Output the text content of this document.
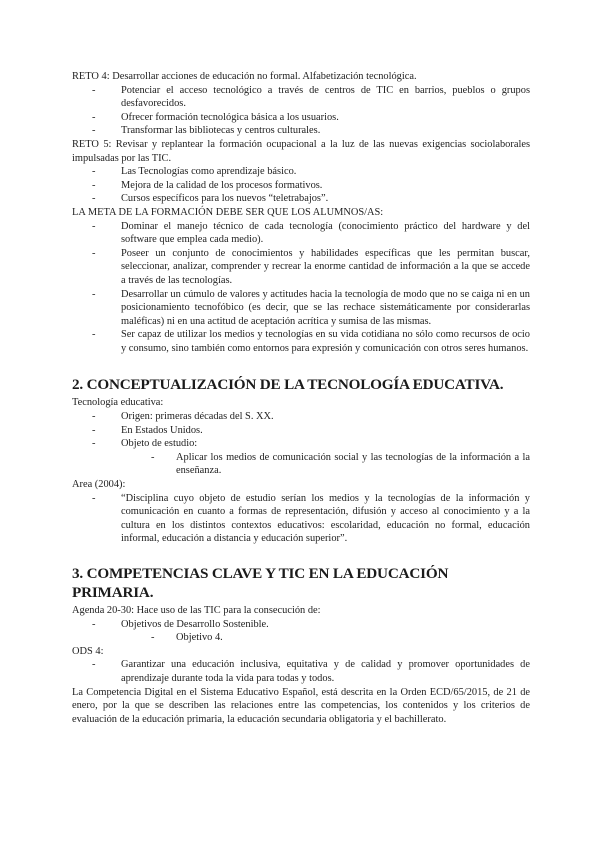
RETO 4: Desarrollar acciones de educación no formal. Alfabetización tecnológica.

- Potenciar el acceso tecnológico a través de centros de TIC en barrios, pueblos o grupos desfavorecidos.
- Ofrecer formación tecnológica básica a los usuarios.
- Transformar las bibliotecas y centros culturales.

RETO 5: Revisar y replantear la formación ocupacional a la luz de las nuevas exigencias sociolaborales impulsadas por las TIC.

- Las Tecnologías como aprendizaje básico.
- Mejora de la calidad de los procesos formativos.
- Cursos específicos para los nuevos “teletrabajos”.

LA META DE LA FORMACIÓN DEBE SER QUE LOS ALUMNOS/AS:

- Dominar el manejo técnico de cada tecnología (conocimiento práctico del hardware y del software que emplea cada medio).
- Poseer un conjunto de conocimientos y habilidades específicas que les permitan buscar, seleccionar, analizar, comprender y recrear la enorme cantidad de información a la que se accede a través de las tecnologías.
- Desarrollar un cúmulo de valores y actitudes hacia la tecnología de modo que no se caiga ni en un posicionamiento tecnofóbico (es decir, que se las rechace sistemáticamente por considerarlas maléficas) ni en una actitud de aceptación acrítica y sumisa de las mismas.
- Ser capaz de utilizar los medios y tecnologías en su vida cotidiana no sólo como recursos de ocio y consumo, sino también como entornos para expresión y comunicación con otros seres humanos.
2. CONCEPTUALIZACIÓN DE LA TECNOLOGÍA EDUCATIVA.

Tecnología educativa:

- Origen: primeras décadas del S. XX.
- En Estados Unidos.
- Objeto de estudio:
- Aplicar los medios de comunicación social y las tecnologías de la información a la enseñanza.

Area (2004):

- “Disciplina cuyo objeto de estudio serían los medios y la tecnologías de la información y comunicación en cuanto a formas de representación, difusión y acceso al conocimiento y a la cultura en los distintos contextos educativos: escolaridad, educación no formal, educación informal, educación a distancia y educación superior”.
3. COMPETENCIAS CLAVE Y TIC EN LA EDUCACIÓN PRIMARIA.

Agenda 20-30: Hace uso de las TIC para la consecución de:

- Objetivos de Desarrollo Sostenible.
- Objetivo 4.

ODS 4:

- Garantizar una educación inclusiva, equitativa y de calidad y promover oportunidades de aprendizaje durante toda la vida para todas y todos.

La Competencia Digital en el Sistema Educativo Español, está descrita en la Orden ECD/65/2015, de 21 de enero, por la que se describen las relaciones entre las competencias, los contenidos y los criterios de evaluación de la educación primaria, la educación secundaria obligatoria y el bachillerato.
